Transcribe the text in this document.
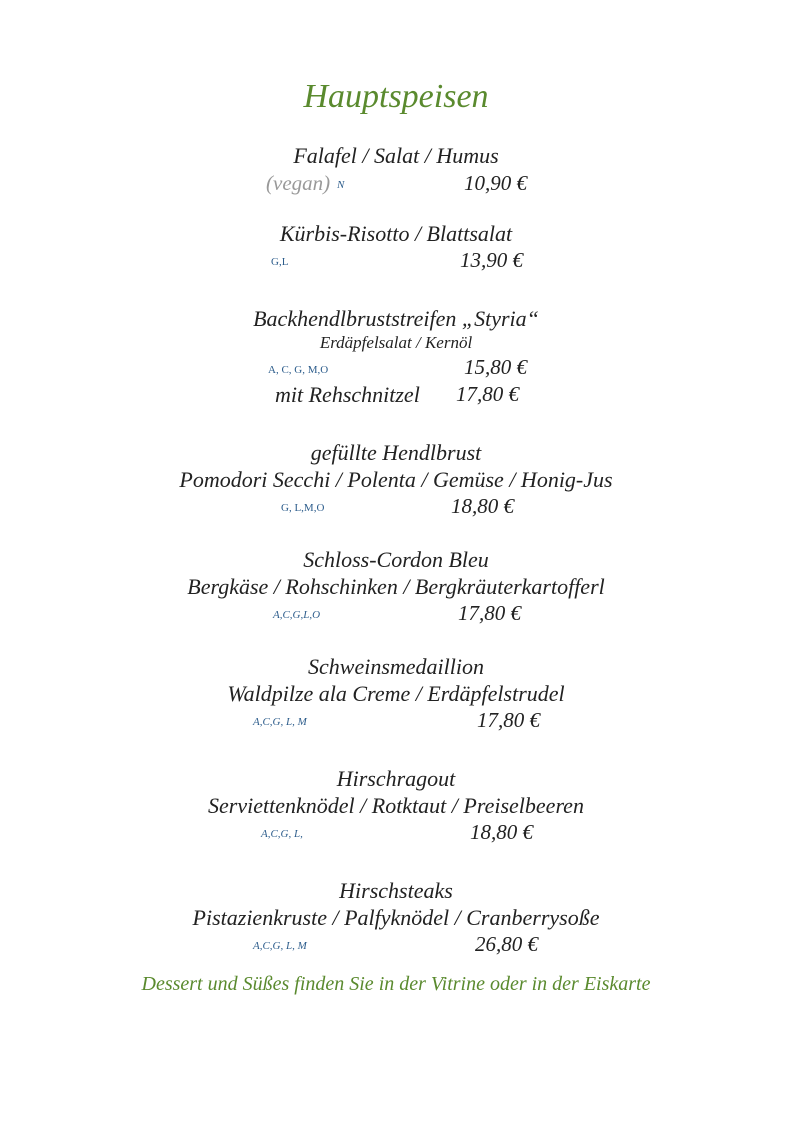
Hauptspeisen
Falafel / Salat / Humus
(vegan) N	10,90 €
Kürbis-Risotto / Blattsalat
G,L	13,90 €
Backhendlbruststreifen „Styria“
Erdäpfelsalat / Kernöl
A, C, G, M,O	15,80 €
mit Rehschnitzel 17,80 €
gefüllte Hendlbrust
Pomodori Secchi / Polenta / Gemüse / Honig-Jus
G, L,M,O	18,80 €
Schloss-Cordon Bleu
Bergkäse / Rohschinken / Bergkräuterkartofferl
A,C,G,L,O	17,80 €
Schweinsmedaillion
Waldpilze ala Creme / Erdäpfelstrudel
A,C,G, L, M	17,80 €
Hirschragout
Serviettenknödel / Rotktaut / Preiselbeeren
A,C,G, L,	18,80 €
Hirschsteaks
Pistazienkruste / Palfyknödel / Cranberrysoße
A,C,G, L, M	26,80 €
Dessert und Süßes finden Sie in der Vitrine oder in der Eiskarte
